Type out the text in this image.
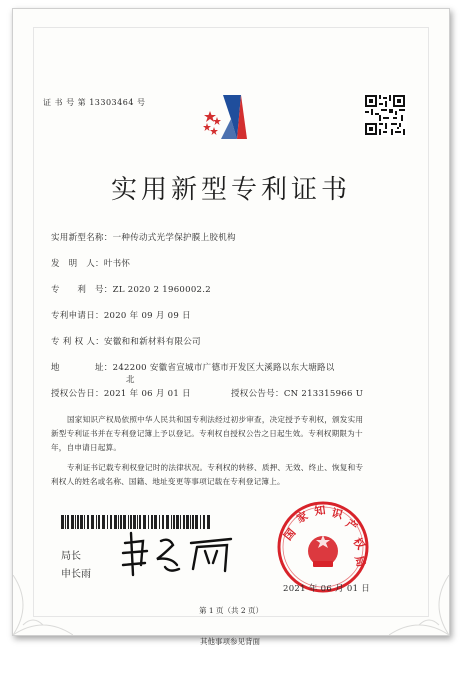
证 书 号 第 13303464 号
实用新型专利证书
实用新型名称：一种传动式光学保护膜上胶机构
发　明　人：叶书怀
专　　利　号：ZL 2020 2 1960002.2
专利申请日：2020 年 09 月 09 日
专 利 权 人：安徽和和新材料有限公司
地　　　　址：242200 安徽省宣城市广德市开发区大溪路以东大塘路以
北
授权公告日：2021 年 06 月 01 日	授权公告号：CN 213315966 U
国家知识产权局依照中华人民共和国专利法经过初步审查，决定授予专利权，颁发实用
新型专利证书并在专利登记簿上予以登记。专利权自授权公告之日起生效。专利权期限为十
年，自申请日起算。
专利证书记载专利权登记时的法律状况。专利权的转移、质押、无效、终止、恢复和专
利权人的姓名或名称、国籍、地址变更等事项记载在专利登记簿上。
局长
申长雨
国
家 知 识
产
权
局
2021 年 06 月 01 日
第 1 页（共 2 页）
其他事项参见背面
